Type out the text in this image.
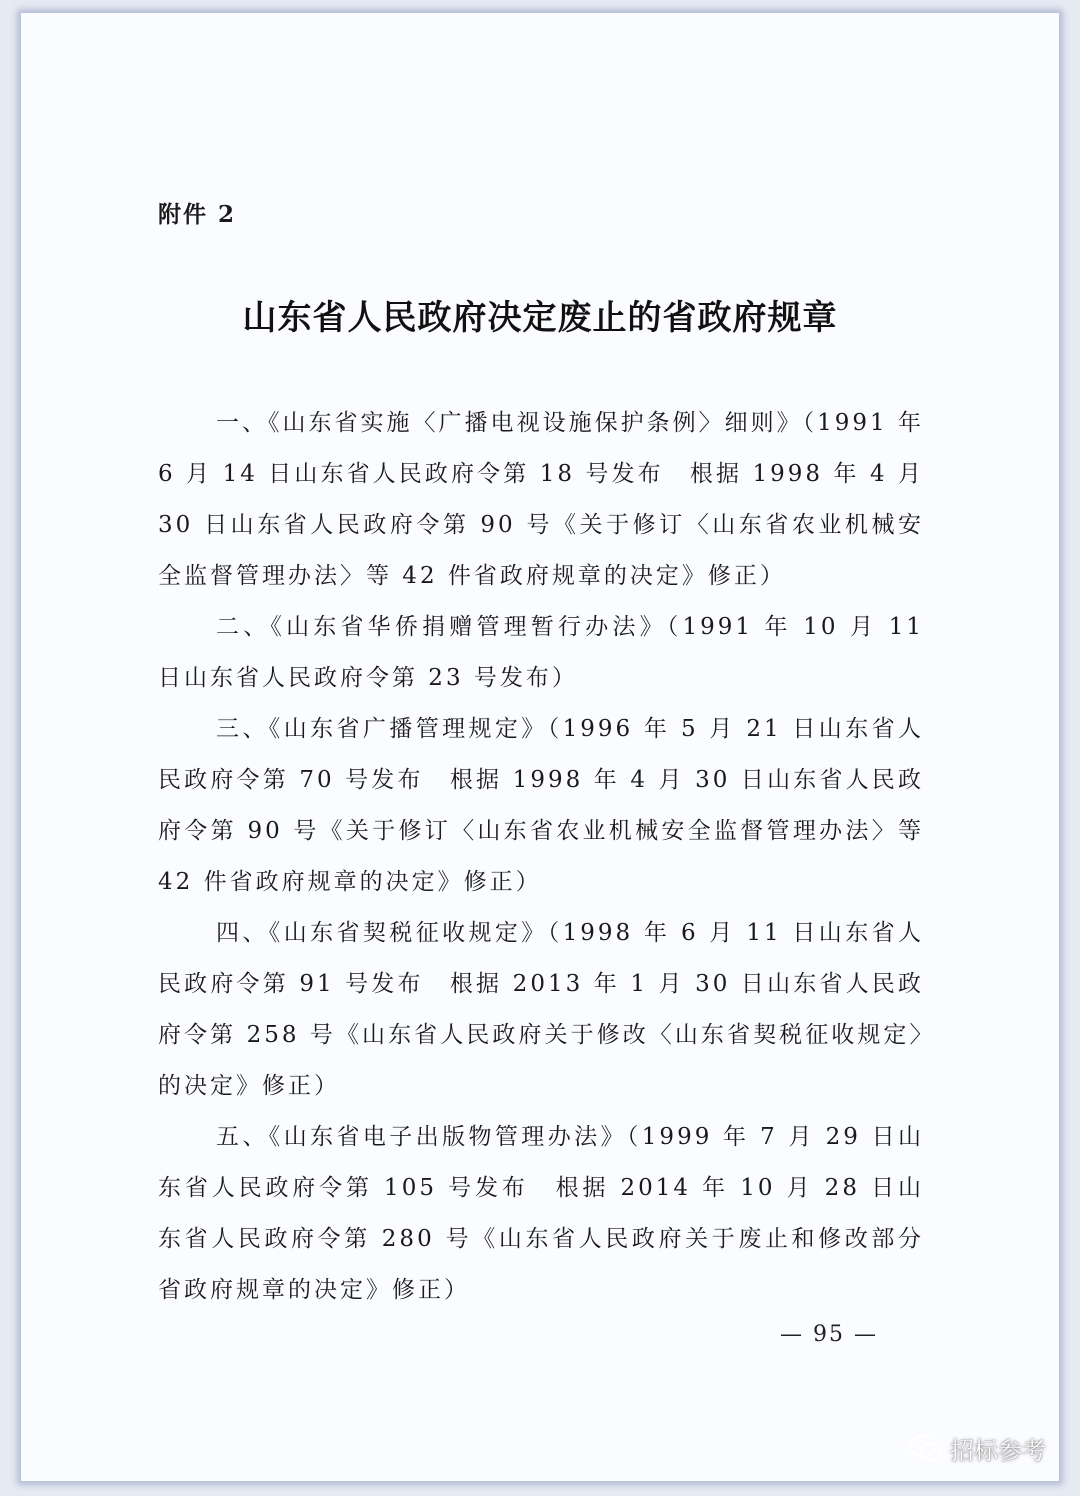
附件 2

山东省人民政府决定废止的省政府规章

一、《山东省实施〈广播电视设施保护条例〉细则》（1991 年 6 月 14 日山东省人民政府令第 18 号发布　根据 1998 年 4 月 30 日山东省人民政府令第 90 号《关于修订〈山东省农业机械安全监督管理办法〉等 42 件省政府规章的决定》修正）

二、《山东省华侨捐赠管理暂行办法》（1991 年 10 月 11 日山东省人民政府令第 23 号发布）

三、《山东省广播管理规定》（1996 年 5 月 21 日山东省人民政府令第 70 号发布　根据 1998 年 4 月 30 日山东省人民政府令第 90 号《关于修订〈山东省农业机械安全监督管理办法〉等 42 件省政府规章的决定》修正）

四、《山东省契税征收规定》（1998 年 6 月 11 日山东省人民政府令第 91 号发布　根据 2013 年 1 月 30 日山东省人民政府令第 258 号《山东省人民政府关于修改〈山东省契税征收规定〉的决定》修正）

五、《山东省电子出版物管理办法》（1999 年 7 月 29 日山东省人民政府令第 105 号发布　根据 2014 年 10 月 28 日山东省人民政府令第 280 号《山东省人民政府关于废止和修改部分省政府规章的决定》修正）

— 95 —
招标参考
